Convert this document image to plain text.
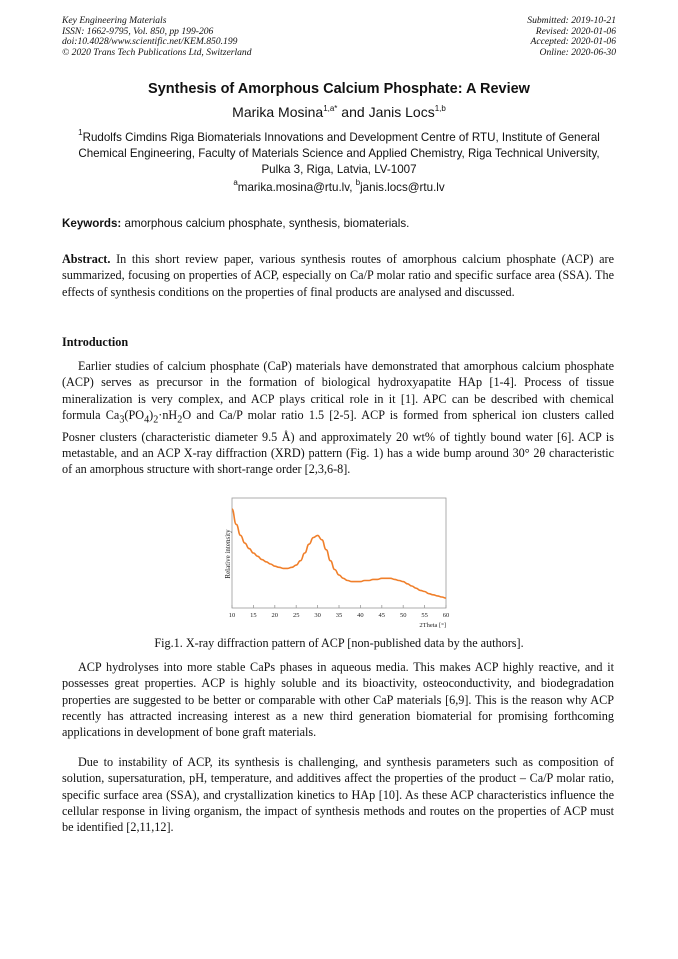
Key Engineering Materials
ISSN: 1662-9795, Vol. 850, pp 199-206
doi:10.4028/www.scientific.net/KEM.850.199
© 2020 Trans Tech Publications Ltd, Switzerland
Submitted: 2019-10-21
Revised: 2020-01-06
Accepted: 2020-01-06
Online: 2020-06-30
Synthesis of Amorphous Calcium Phosphate: A Review
Marika Mosina$^{1,a*}$ and Janis Locs$^{1,b}$
$^1$Rudolfs Cimdins Riga Biomaterials Innovations and Development Centre of RTU, Institute of General Chemical Engineering, Faculty of Materials Science and Applied Chemistry, Riga Technical University, Pulka 3, Riga, Latvia, LV-1007
$^a$marika.mosina@rtu.lv, $^b$janis.locs@rtu.lv
Keywords: amorphous calcium phosphate, synthesis, biomaterials.
Abstract. In this short review paper, various synthesis routes of amorphous calcium phosphate (ACP) are summarized, focusing on properties of ACP, especially on Ca/P molar ratio and specific surface area (SSA). The effects of synthesis conditions on the properties of final products are analysed and discussed.
Introduction
Earlier studies of calcium phosphate (CaP) materials have demonstrated that amorphous calcium phosphate (ACP) serves as precursor in the formation of biological hydroxyapatite HAp [1-4]. Process of tissue mineralization is very complex, and ACP plays critical role in it [1]. APC can be described with chemical formula $Ca_3(PO_4)_2\cdot nH_2O$ and Ca/P molar ratio 1.5 [2-5]. ACP is formed from spherical ion clusters called Posner clusters (characteristic diameter 9.5 Å) and approximately 20 wt% of tightly bound water [6]. ACP is metastable, and an ACP X-ray diffraction (XRD) pattern (Fig. 1) has a wide bump around 30° 2θ characteristic of an amorphous structure with short-range order [2,3,6-8].
Relative intensity
2Theta [°]
10 15 20 25 30 35 40 45 50 55 60
Fig.1. X-ray diffraction pattern of ACP [non-published data by the authors].
ACP hydrolyses into more stable CaPs phases in aqueous media. This makes ACP highly reactive, and it possesses great properties. ACP is highly soluble and its bioactivity, osteoconductivity, and biodegradation properties are suggested to be better or comparable with other CaP materials [6,9]. This is the reason why ACP recently has attracted increasing interest as a new third generation biomaterial for promising forthcoming applications in development of bone graft materials.
Due to instability of ACP, its synthesis is challenging, and synthesis parameters such as composition of solution, supersaturation, pH, temperature, and additives affect the properties of the product – Ca/P molar ratio, specific surface area (SSA), and crystallization kinetics to HAp [10]. As these ACP characteristics influence the cellular response in living organism, the impact of synthesis methods and routes on the properties of ACP must be identified [2,11,12].
